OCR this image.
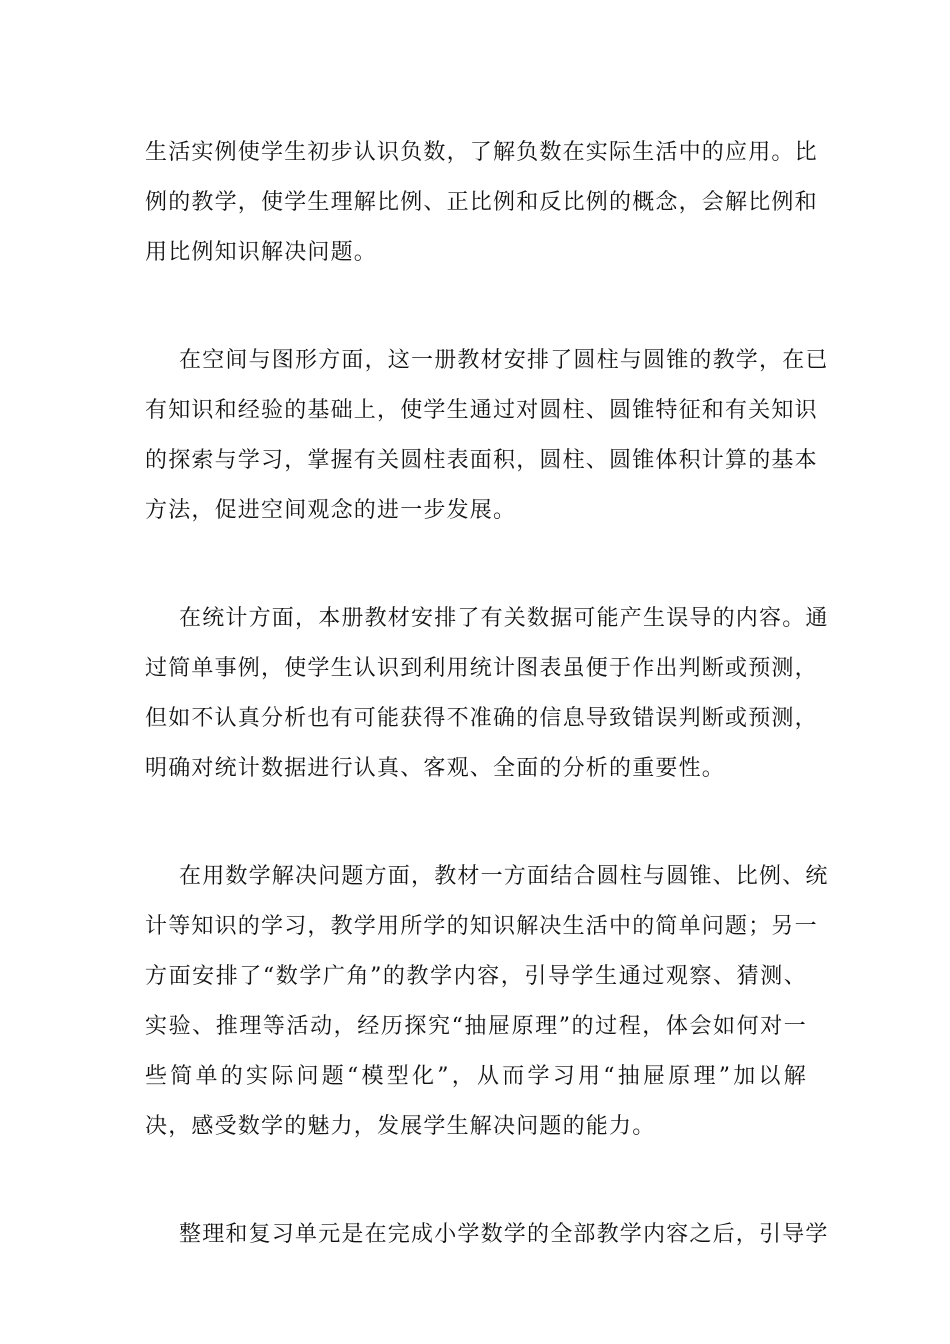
生活实例使学生初步认识负数，了解负数在实际生活中的应用。比
例的教学，使学生理解比例、正比例和反比例的概念，会解比例和
用比例知识解决问题。
在空间与图形方面，这一册教材安排了圆柱与圆锥的教学，在已
有知识和经验的基础上，使学生通过对圆柱、圆锥特征和有关知识
的探索与学习，掌握有关圆柱表面积，圆柱、圆锥体积计算的基本
方法，促进空间观念的进一步发展。
在统计方面，本册教材安排了有关数据可能产生误导的内容。通
过简单事例，使学生认识到利用统计图表虽便于作出判断或预测，
但如不认真分析也有可能获得不准确的信息导致错误判断或预测，
明确对统计数据进行认真、客观、全面的分析的重要性。
在用数学解决问题方面，教材一方面结合圆柱与圆锥、比例、统
计等知识的学习，教学用所学的知识解决生活中的简单问题；另一
方面安排了“数学广角”的教学内容，引导学生通过观察、猜测、
实验、推理等活动，经历探究“抽屉原理”的过程，体会如何对一
些简单的实际问题“模型化”，从而学习用“抽屉原理”加以解
决，感受数学的魅力，发展学生解决问题的能力。
整理和复习单元是在完成小学数学的全部教学内容之后，引导学
